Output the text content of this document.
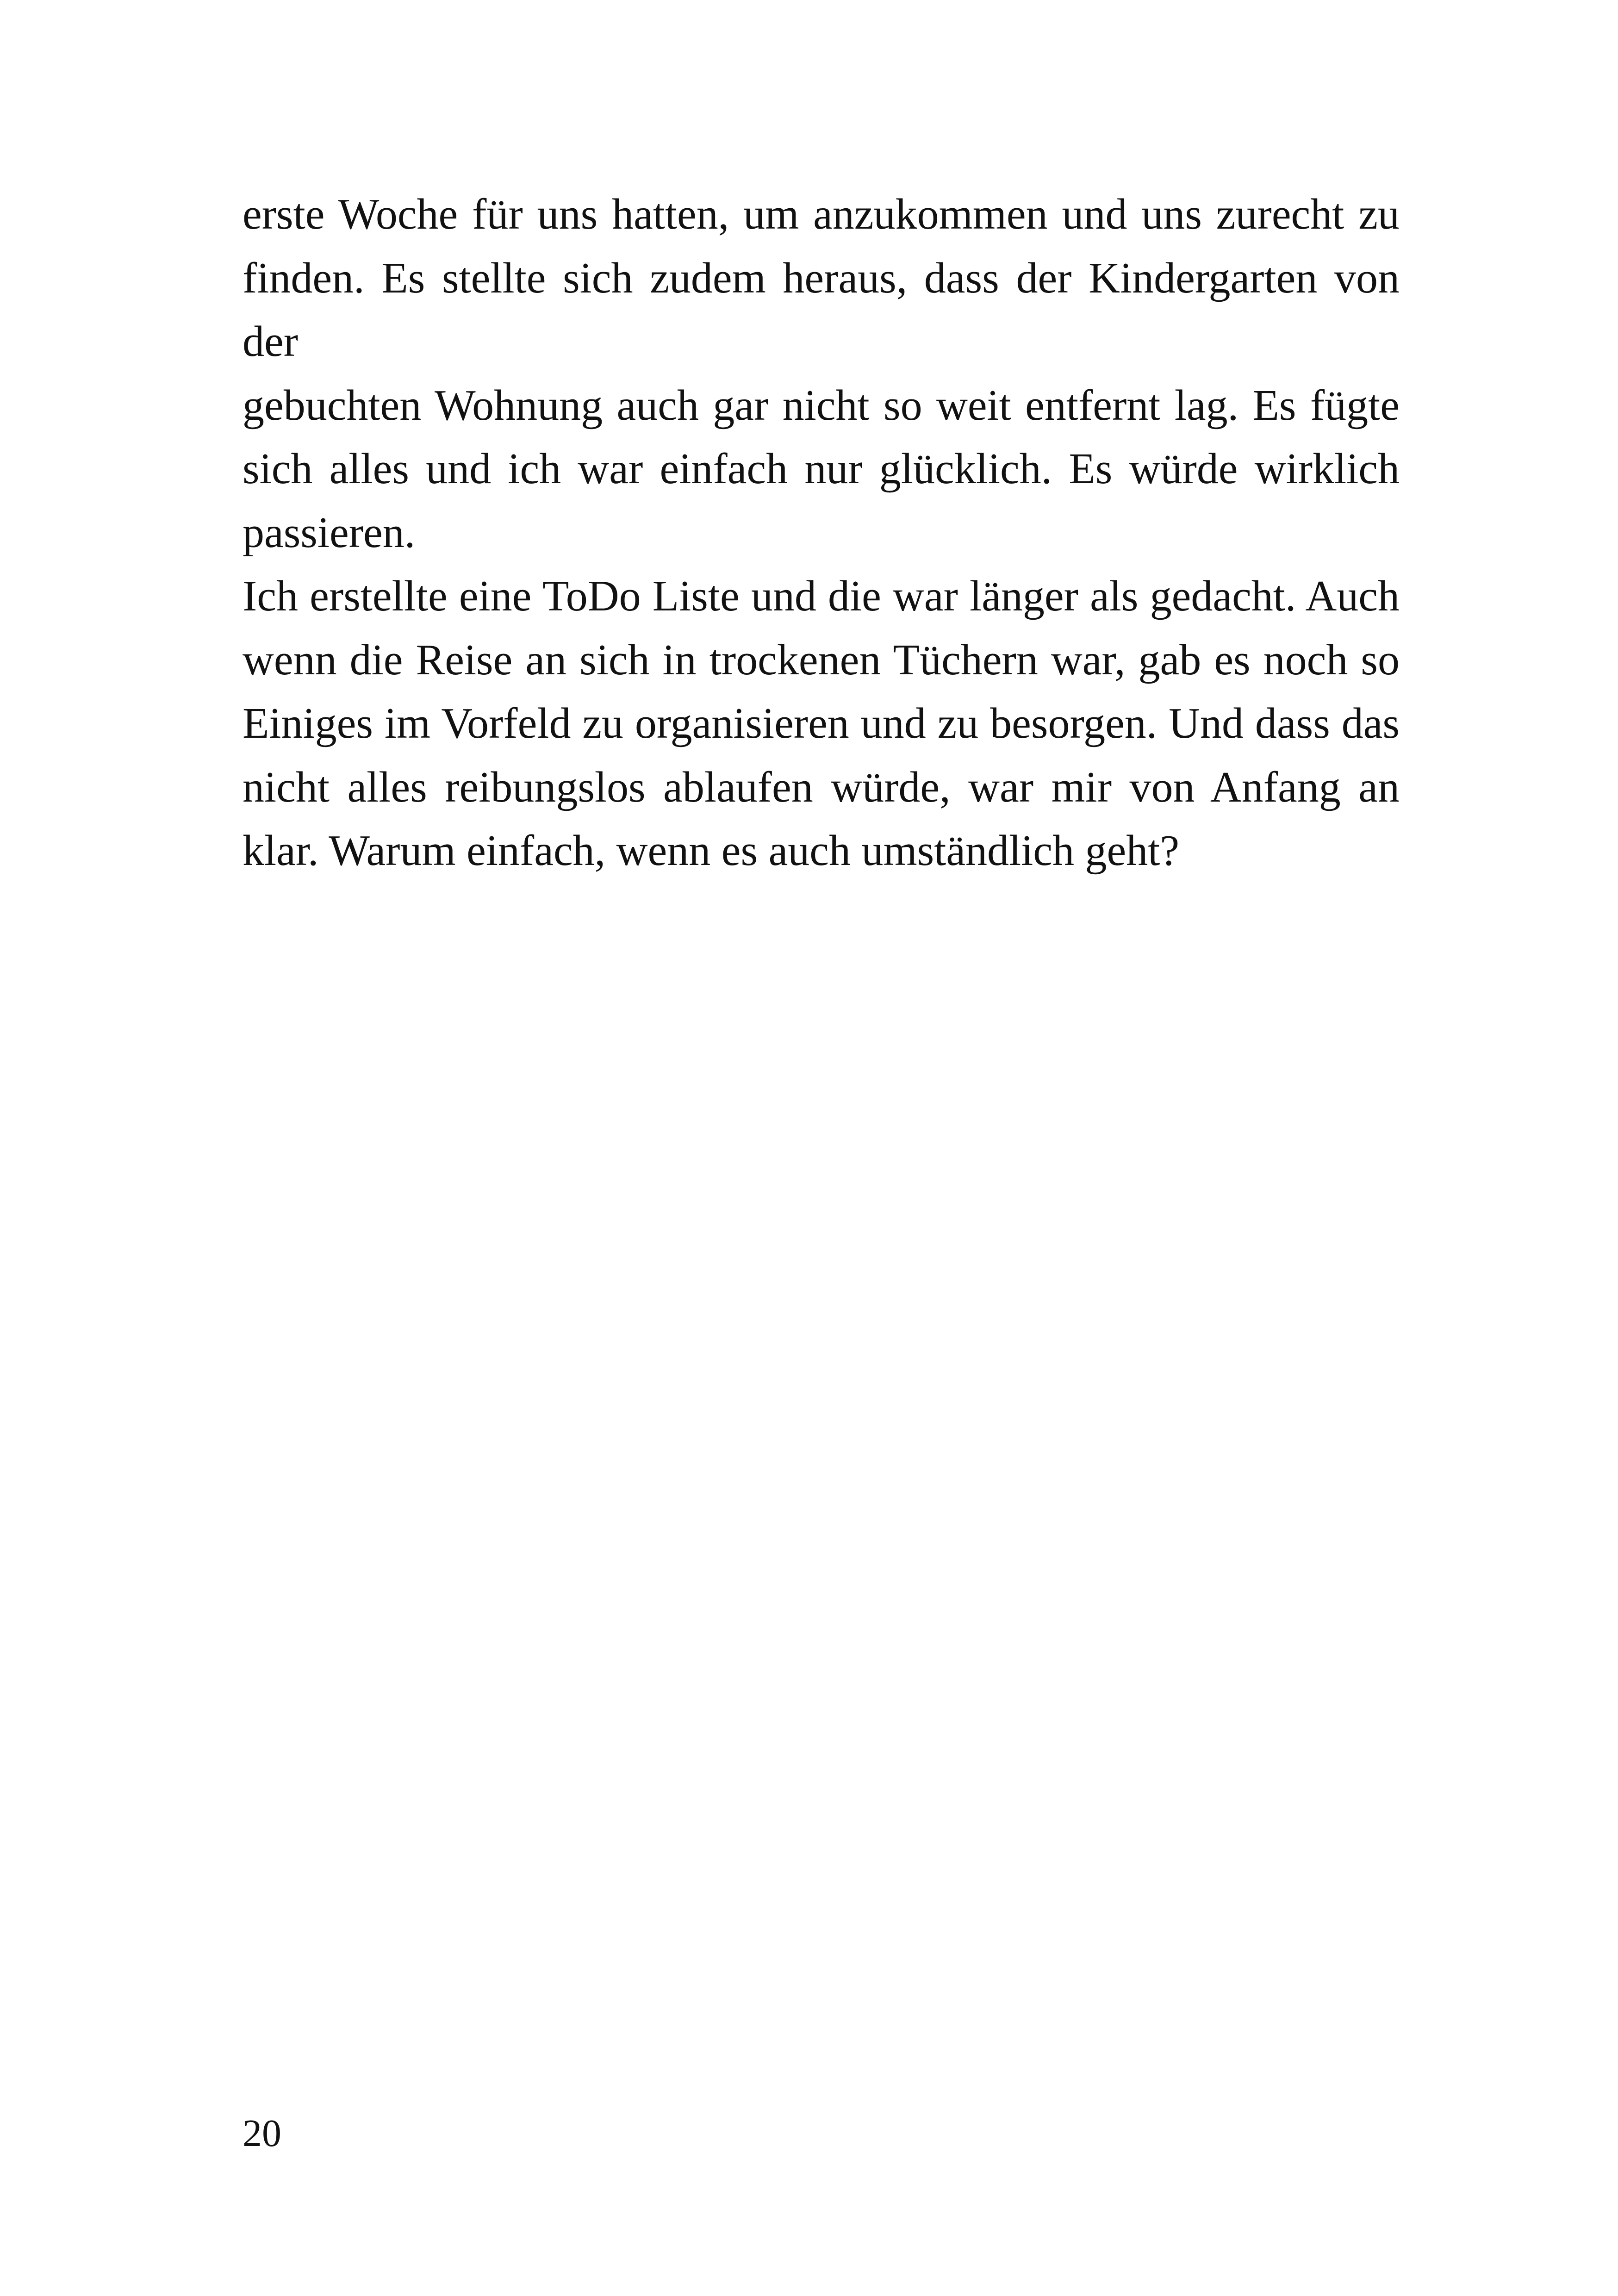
erste Woche für uns hatten, um anzukommen und uns zurecht zu
finden. Es stellte sich zudem heraus, dass der Kindergarten von der
gebuchten Wohnung auch gar nicht so weit entfernt lag. Es fügte
sich alles und ich war einfach nur glücklich. Es würde wirklich
passieren.

Ich erstellte eine ToDo Liste und die war länger als gedacht. Auch
wenn die Reise an sich in trockenen Tüchern war, gab es noch so
Einiges im Vorfeld zu organisieren und zu besorgen. Und dass das
nicht alles reibungslos ablaufen würde, war mir von Anfang an
klar. Warum einfach, wenn es auch umständlich geht?

20
